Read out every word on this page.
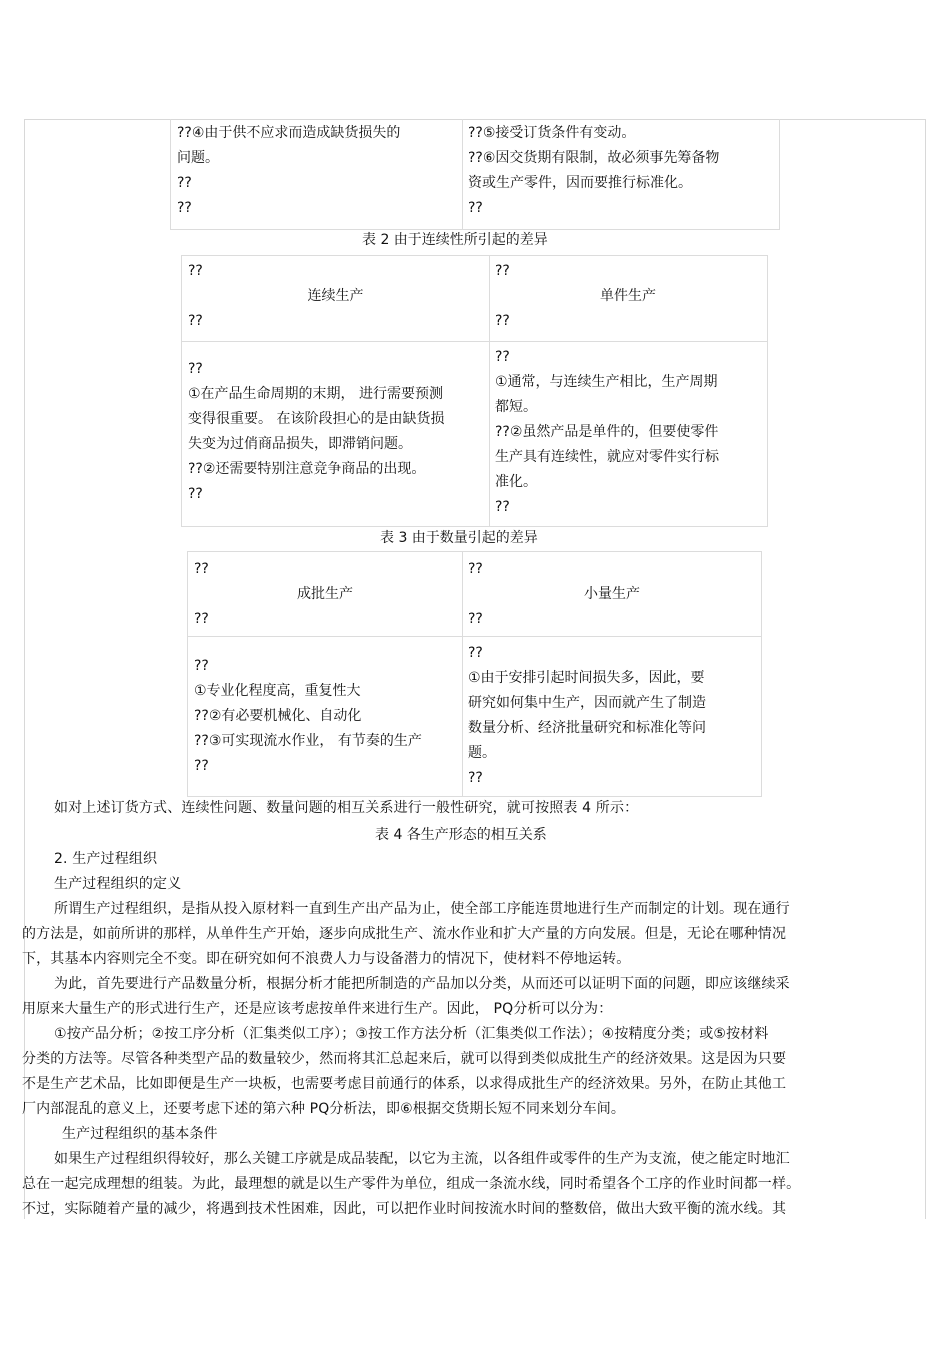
??④由于供不应求而造成缺货损失的
问题。
??
??
??⑤接受订货条件有变动。
??⑥因交货期有限制，故必须事先筹备物
资或生产零件，因而要推行标准化。
??
表 2 由于连续性所引起的差异
??
连续生产
??
??
单件生产
??
??
①在产品生命周期的末期， 进行需要预测
变得很重要。 在该阶段担心的是由缺货损
失变为过俏商品损失，即滞销问题。
??②还需要特别注意竞争商品的出现。
??
??
①通常，与连续生产相比，生产周期
都短。
??②虽然产品是单件的，但要使零件
生产具有连续性，就应对零件实行标
准化。
??
表 3 由于数量引起的差异
??
成批生产
??
??
小量生产
??
??
①专业化程度高，重复性大
??②有必要机械化、自动化
??③可实现流水作业， 有节奏的生产
??
??
①由于安排引起时间损失多，因此，要
研究如何集中生产，因而就产生了制造
数量分析、经济批量研究和标准化等问
题。
??
如对上述订货方式、连续性问题、数量问题的相互关系进行一般性研究，就可按照表 4 所示：
表 4 各生产形态的相互关系
2. 生产过程组织
生产过程组织的定义
所谓生产过程组织，是指从投入原材料一直到生产出产品为止，使全部工序能连贯地进行生产而制定的计划。现在通行
的方法是，如前所讲的那样，从单件生产开始，逐步向成批生产、流水作业和扩大产量的方向发展。但是，无论在哪种情况
下，其基本内容则完全不变。即在研究如何不浪费人力与设备潜力的情况下，使材料不停地运转。
为此，首先要进行产品数量分析，根据分析才能把所制造的产品加以分类，从而还可以证明下面的问题，即应该继续采
用原来大量生产的形式进行生产，还是应该考虑按单件来进行生产。因此， PQ分析可以分为：
①按产品分析；②按工序分析（汇集类似工序）；③按工作方法分析（汇集类似工作法）；④按精度分类；或⑤按材料
分类的方法等。尽管各种类型产品的数量较少，然而将其汇总起来后，就可以得到类似成批生产的经济效果。这是因为只要
不是生产艺术品，比如即便是生产一块板，也需要考虑目前通行的体系，以求得成批生产的经济效果。另外，在防止其他工
厂内部混乱的意义上，还要考虑下述的第六种 PQ分析法，即⑥根据交货期长短不同来划分车间。
生产过程组织的基本条件
如果生产过程组织得较好，那么关键工序就是成品装配，以它为主流，以各组件或零件的生产为支流，使之能定时地汇
总在一起完成理想的组装。为此，最理想的就是以生产零件为单位，组成一条流水线，同时希望各个工序的作业时间都一样。
不过，实际随着产量的减少，将遇到技术性困难，因此，可以把作业时间按流水时间的整数倍，做出大致平衡的流水线。其
